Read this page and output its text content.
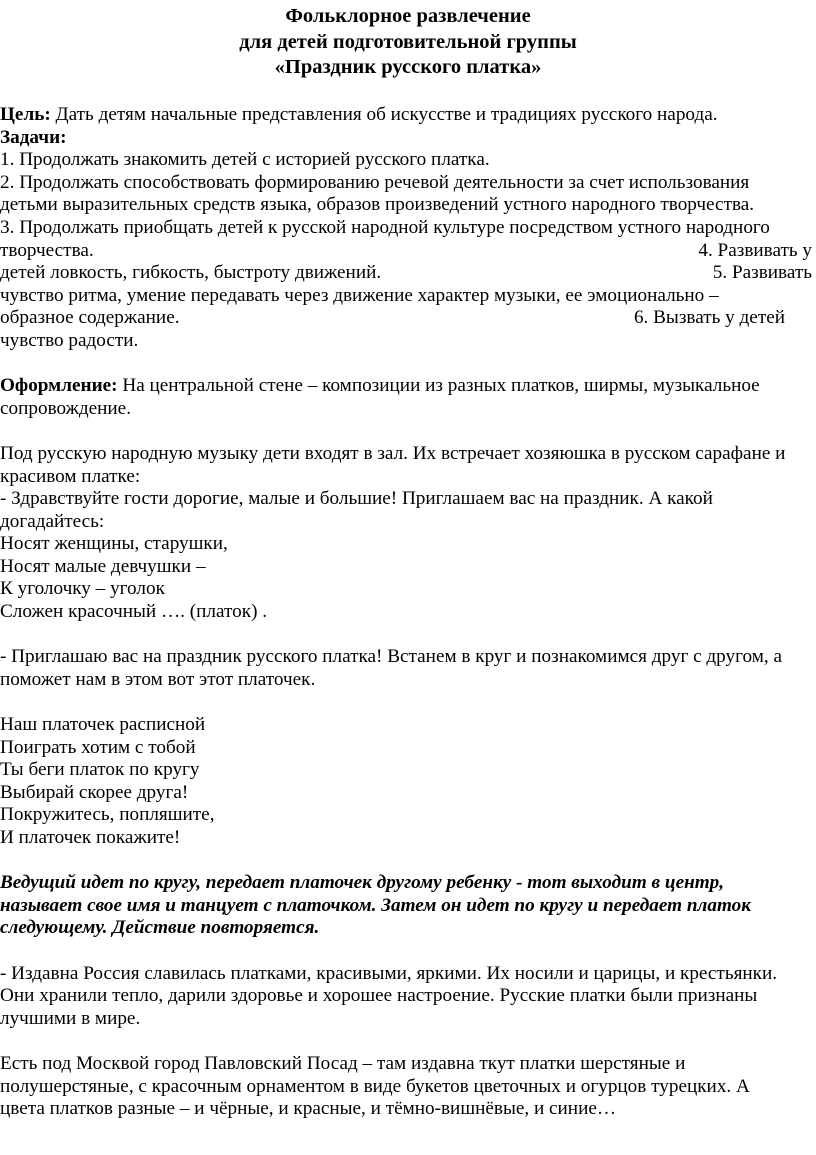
Фольклорное развлечение
для детей подготовительной группы
«Праздник русского платка»

Цель: Дать детям начальные представления об искусстве и традициях русского народа.

Задачи:

1. Продолжать знакомить детей с историей русского платка.

2. Продолжать способствовать формированию речевой деятельности за счет использования

детьми выразительных средств языка, образов произведений устного народного творчества.

3. Продолжать приобщать детей к русской народной культуре посредством устного народного

творчества.	4. Развивать у

детей ловкость, гибкость, быстроту движений.	5. Развивать

чувство ритма, умение передавать через движение характер музыки, ее эмоционально –

образное содержание.	6. Вызвать у детей

чувство радости.

Оформление: На центральной стене – композиции из разных платков, ширмы, музыкальное

сопровождение.

Под русскую народную музыку дети входят в зал. Их встречает хозяюшка в русском сарафане и

красивом платке:

- Здравствуйте гости дорогие, малые и большие! Приглашаем вас на праздник. А какой

догадайтесь:

Носят женщины, старушки,

Носят малые девчушки –

К уголочку – уголок

Сложен красочный …. (платок) .

- Приглашаю вас на праздник русского платка! Встанем в круг и познакомимся друг с другом, а

поможет нам в этом вот этот платочек.

Наш платочек расписной

Поиграть хотим с тобой

Ты беги платок по кругу

Выбирай скорее друга!

Покружитесь, попляшите,

И платочек покажите!

Ведущий идет по кругу, передает платочек другому ребенку - тот выходит в центр,

называет свое имя и танцует с платочком. Затем он идет по кругу и передает платок

следующему. Действие повторяется.

- Издавна Россия славилась платками, красивыми, яркими. Их носили и царицы, и крестьянки.

Они хранили тепло, дарили здоровье и хорошее настроение. Русские платки были признаны

лучшими в мире.

Есть под Москвой город Павловский Посад – там издавна ткут платки шерстяные и

полушерстяные, с красочным орнаментом в виде букетов цветочных и огурцов турецких. А

цвета платков разные – и чёрные, и красные, и тёмно-вишнёвые, и синие…
